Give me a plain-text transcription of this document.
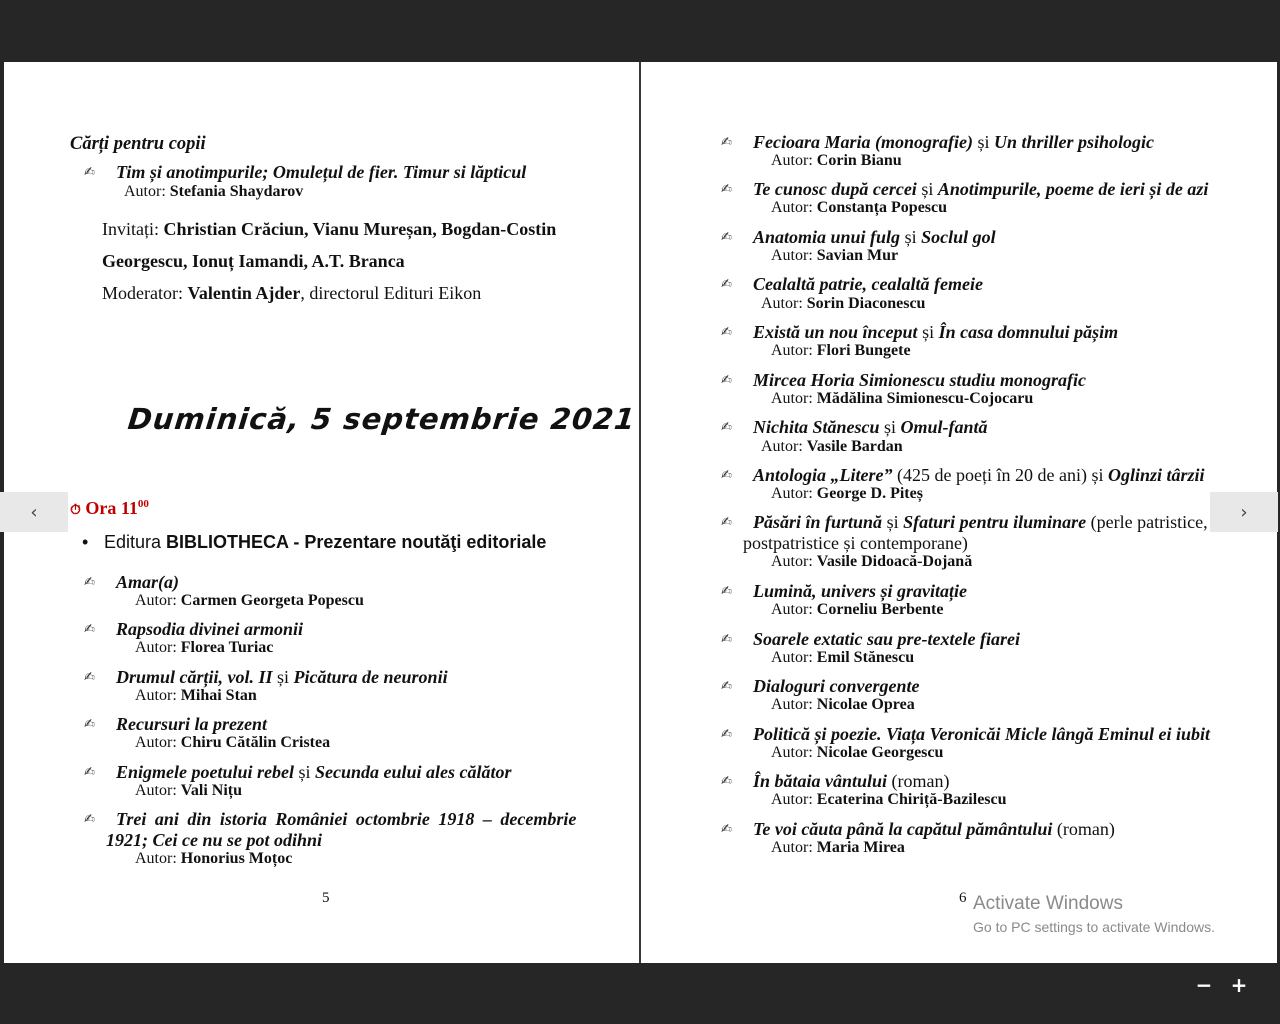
Cărți pentru copii
✍ Tim și anotimpurile; Omulețul de fier. Timur si lăpticul
Autor: Stefania Shaydarov
Invitați: Christian Crăciun, Vianu Mureșan, Bogdan-Costin
Georgescu, Ionuț Iamandi, A.T. Branca
Moderator: Valentin Ajder, directorul Edituri Eikon
Duminică, 5 septembrie 2021
⏱ Ora $11^{00}$
• Editura BIBLIOTHECA - Prezentare noutăţi editoriale
✍ Amar(a)
Autor: Carmen Georgeta Popescu
✍ Rapsodia divinei armonii
Autor: Florea Turiac
✍ Drumul cărții, vol. II și Picătura de neuronii
Autor: Mihai Stan
✍ Recursuri la prezent
Autor: Chiru Cătălin Cristea
✍ Enigmele poetului rebel și Secunda eului ales călător
Autor: Vali Nițu
✍ Trei ani din istoria României octombrie 1918 – decembrie
1921; Cei ce nu se pot odihni
Autor: Honorius Moțoc
5
✍ Fecioara Maria (monografie) și Un thriller psihologic
Autor: Corin Bianu
✍ Te cunosc după cercei și Anotimpurile, poeme de ieri și de azi
Autor: Constanța Popescu
✍ Anatomia unui fulg și Soclul gol
Autor: Savian Mur
✍ Cealaltă patrie, cealaltă femeie
Autor: Sorin Diaconescu
✍ Există un nou început și În casa domnului pășim
Autor: Flori Bungete
✍ Mircea Horia Simionescu studiu monografic
Autor: Mădălina Simionescu-Cojocaru
✍ Nichita Stănescu și Omul-fantă
Autor: Vasile Bardan
✍ Antologia „Litere” (425 de poeți în 20 de ani) și Oglinzi târzii
Autor: George D. Piteș
✍ Păsări în furtună și Sfaturi pentru iluminare (perle patristice,
postpatristice și contemporane)
Autor: Vasile Didoacă-Dojană
✍ Lumină, univers și gravitație
Autor: Corneliu Berbente
✍ Soarele extatic sau pre-textele fiarei
Autor: Emil Stănescu
✍ Dialoguri convergente
Autor: Nicolae Oprea
✍ Politică și poezie. Viața Veronicăi Micle lângă Eminul ei iubit
Autor: Nicolae Georgescu
✍ În bătaia vântului (roman)
Autor: Ecaterina Chiriță-Bazilescu
✍ Te voi căuta până la capătul pământului (roman)
Autor: Maria Mirea
6 Activate Windows
Go to PC settings to activate Windows.
‹	›
− +
